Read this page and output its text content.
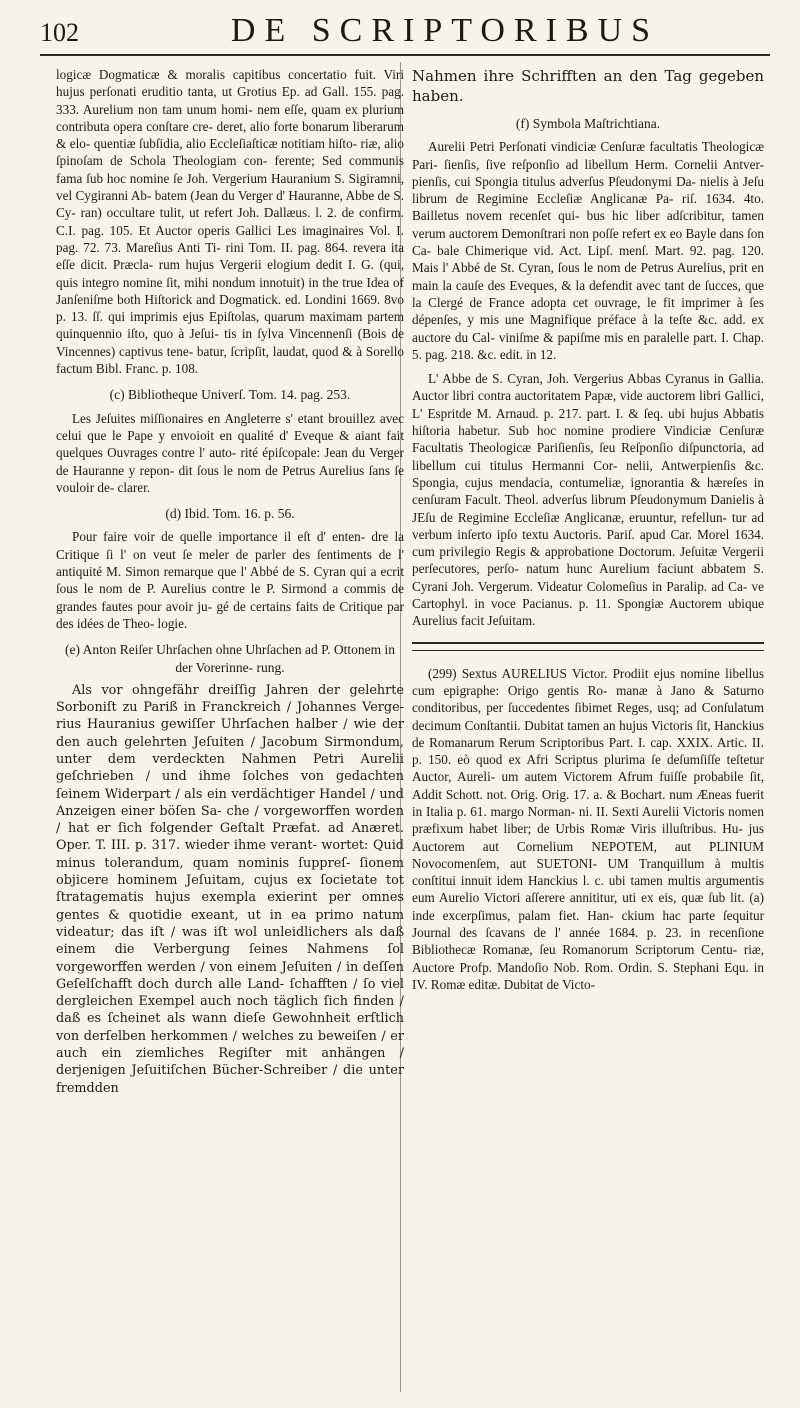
102	DE SCRIPTORIBUS

logicæ Dogmaticæ & moralis capitibus concertatio fuit. Viri hujus perſonati eruditio tanta, ut Grotius Ep. ad Gall. 155. pag. 333. Aurelium non tam unum homi- nem eſſe, quam ex plurium contributa opera conſtare cre- deret, alio forte bonarum liberarum & elo- quentiæ ſubſidia, alio Eccleſiaſticæ notitiam hiſto- riæ, alio ſpinoſam de Schola Theologiam con- ferente; Sed communis fama ſub hoc nomine ſe Joh. Vergerium Hauranium S. Sigiramni, vel Cygiranni Ab- batem (Jean du Verger d' Hauranne, Abbe de S. Cy- ran) occultare tulit, ut refert Joh. Dallæus. l. 2. de confirm. C.I. pag. 105. Et Auctor operis Gallici Les imaginaires Vol. I. pag. 72. 73. Mareſius Anti Ti- rini Tom. II. pag. 864. revera ita eſſe dicit. Præcla- rum hujus Vergerii elogium dedit I. G. (qui, quis integro nomine ſit, mihi nondum innotuit) in the true Idea of Janſeniſme both Hiſtorick and Dogmatick. ed. Londini 1669. 8vo p. 13. ſſ. qui imprimis ejus Epiſtolas, quarum maximam partem quinquennio iſto, quo à Jeſui- tis in ſylva Vincennenſi (Bois de Vincennes) captivus tene- batur, ſcripſit, laudat, quod & à Sorello factum Bibl. Franc. p. 108.

(c) Bibliotheque Univerſ. Tom. 14. pag. 253.

Les Jeſuites miſſionaires en Angleterre s' etant brouillez avec celui que le Pape y envoioit en qualité d' Eveque & aiant fait quelques Ouvrages contre l' auto- rité épiſcopale: Jean du Verger de Hauranne y repon- dit ſous le nom de Petrus Aurelius ſans ſe vouloir de- clarer.

(d) Ibid. Tom. 16. p. 56.

Pour faire voir de quelle importance il eſt d' enten- dre la Critique ſi l' on veut ſe meler de parler des ſentiments de l' antiquité M. Simon remarque que l' Abbé de S. Cyran qui a ecrit ſous le nom de P. Aurelius contre le P. Sirmond a commis de grandes fautes pour avoir ju- gé de certains faits de Critique par des idées de Theo- logie.

(e) Anton Reiſer Uhrſachen ohne Uhrſachen ad P. Ottonem in der Vorerinne- rung.

Als vor ohngefähr dreiſſig Jahren der gelehrte Sorboniſt zu Pariß in Franckreich / Johannes Verge- rius Hauranius gewiſſer Uhrſachen halber / wie der den auch gelehrten Jeſuiten / Jacobum Sirmondum, unter dem verdeckten Nahmen Petri Aurelii geſchrieben / und ihme ſolches von gedachten ſeinem Widerpart / als ein verdächtiger Handel / und Anzeigen einer böſen Sa- che / vorgeworffen worden / hat er ſich folgender Geſtalt Præfat. ad Anæret. Oper. T. III. p. 317. wieder ihme verant- wortet: Quid minus tolerandum, quam nominis ſuppreſ- ſionem objicere hominem Jeſuitam, cujus ex ſocietate tot ſtratagematis hujus exempla exierint per omnes gentes & quotidie exeant, ut in ea primo natum videatur; das iſt / was iſt wol unleidlichers als daß einem die Verbergung ſeines Nahmens ſol vorgeworffen werden / von einem Jeſuiten / in deſſen Geſelſchafft doch durch alle Land- ſchafften / ſo viel dergleichen Exempel auch noch täglich ſich finden / daß es ſcheinet als wann dieſe Gewohnheit erſtlich von derſelben herkommen / welches zu beweiſen / er auch ein ziemliches Regiſter mit anhängen / derjenigen Jeſuitiſchen Bücher-Schreiber / die unter fremdden

Nahmen ihre Schrifften an den Tag gegeben haben.

(f) Symbola Maſtrichtiana.

Aurelii Petri Perſonati vindiciæ Cenſuræ facultatis Theologicæ Pari- ſienſis, ſive reſponſio ad libellum Herm. Cornelii Antver- pienſis, cui Spongia titulus adverſus Pſeudonymi Da- nielis à Jeſu librum de Regimine Eccleſiæ Anglicanæ Pa- riſ. 1634. 4to. Bailletus novem recenſet qui- bus hic liber adſcribitur, tamen verum auctorem Demonſtrari non poſſe refert ex eo Bayle dans ſon Ca- bale Chimerique vid. Act. Lipſ. menſ. Mart. 92. pag. 120. Mais l' Abbé de St. Cyran, ſous le nom de Petrus Aurelius, prit en main la cauſe des Eveques, & la defendit avec tant de ſucces, que la Clergé de France adopta cet ouvrage, le fit imprimer à ſes dépenſes, y mis une Magnifique préface à la teſte &c. add. ex auctore du Cal- viniſme & papiſme mis en paralelle part. I. Chap. 5. pag. 218. &c. edit. in 12.

L' Abbe de S. Cyran, Joh. Vergerius Abbas Cyranus in Gallia. Auctor libri contra auctoritatem Papæ, vide auctorem libri Gallici, L' Espritde M. Arnaud. p. 217. part. I. & ſeq. ubi hujus Abbatis hiſtoria habetur. Sub hoc nomine prodiere Vindiciæ Cenſuræ Facultatis Theologicæ Pariſienſis, ſeu Reſponſio diſpunctoria, ad libellum cui titulus Hermanni Cor- nelii, Antwerpienſis &c. Spongia, cujus mendacia, contumeliæ, ignorantia & hæreſes in cenſuram Facult. Theol. adverſus librum Pſeudonymum Danielis à JEſu de Regimine Eccleſiæ Anglicanæ, eruuntur, refellun- tur ad verbum inſerto ipſo textu Auctoris. Pariſ. apud Car. Morel 1634. cum privilegio Regis & approbatione Doctorum. Jeſuitæ Vergerii perſecutores, perſo- natum hunc Aurelium faciunt abbatem S. Cyrani Joh. Vergerum. Videatur Colomeſius in Paralip. ad Ca- ve Cartophyl. in voce Pacianus. p. 11. Spongiæ Auctorem ubique Aurelius facit Jeſuitam.

(299) Sextus AURELIUS Victor. Prodiit ejus nomine libellus cum epigraphe: Origo gentis Ro- manæ à Jano & Saturno conditoribus, per ſuccedentes ſibimet Reges, usq; ad Conſulatum decimum Conſtantii. Dubitat tamen an hujus Victoris ſit, Hanckius de Romanarum Rerum Scriptoribus Part. I. cap. XXIX. Artic. II. p. 150. eò quod ex Afri Scriptus plurima ſe deſumſiſſe teſtetur Auctor, Aureli- um autem Victorem Afrum fuiſſe probabile ſit, Addit Schott. not. Orig. Orig. 17. a. & Bochart. num Æneas fuerit in Italia p. 61. margo Norman- ni. II. Sexti Aurelii Victoris nomen præfixum habet liber; de Urbis Romæ Viris illuſtribus. Hu- jus Auctorem aut Cornelium NEPOTEM, aut PLINIUM Novocomenſem, aut SUETONI- UM Tranquillum à multis conſtitui innuit idem Hanckius l. c. ubi tamen multis argumentis eum Aurelio Victori aſſerere annititur, uti ex eis, quæ ſub lit. (a) inde excerpſimus, palam fiet. Han- ckium hac parte ſequitur Journal des ſcavans de l' année 1684. p. 23. in recenſione Bibliothecæ Romanæ, ſeu Romanorum Scriptorum Centu- riæ, Auctore Profp. Mandoſio Nob. Rom. Ordin. S. Stephani Equ. in IV. Romæ editæ. Dubitat de Victo-
